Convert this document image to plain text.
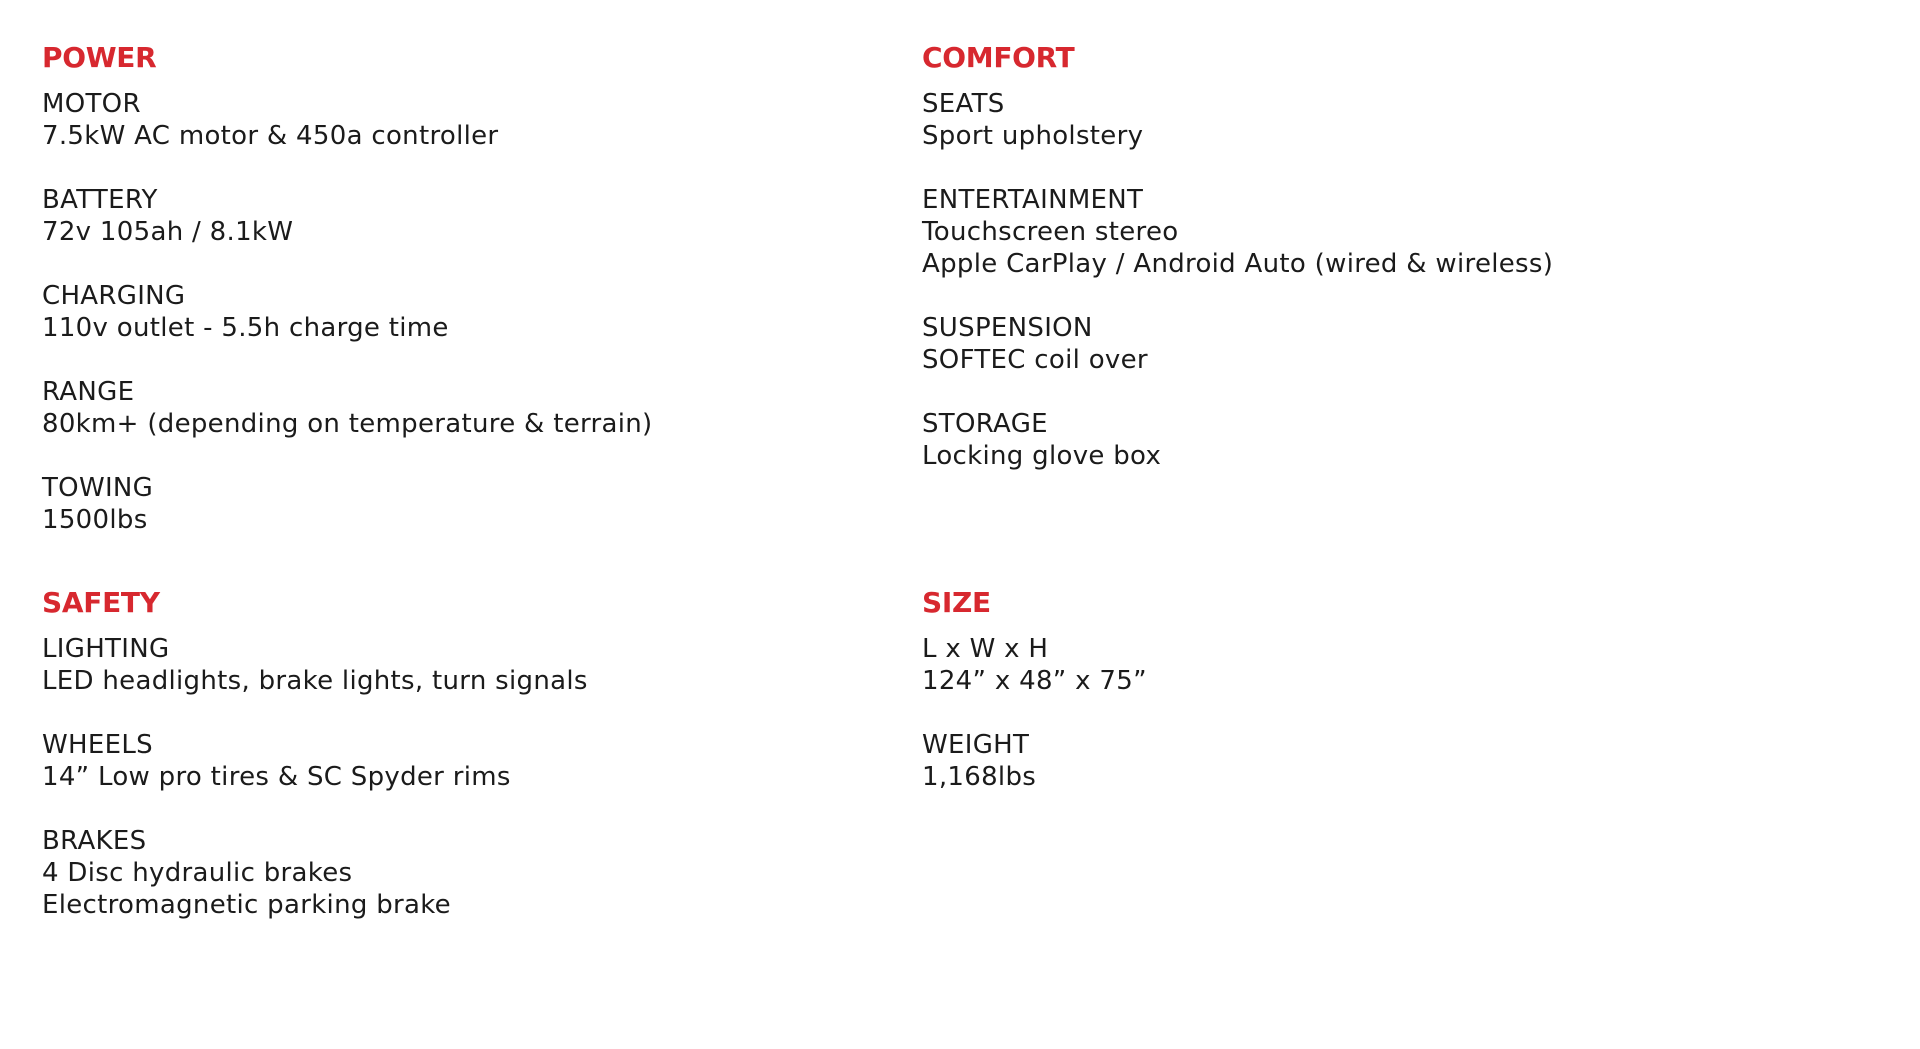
POWER
MOTOR
7.5kW AC motor & 450a controller
BATTERY
72v 105ah / 8.1kW
CHARGING
110v outlet - 5.5h charge time
RANGE
80km+ (depending on temperature & terrain)
TOWING
1500lbs
COMFORT
SEATS
Sport upholstery
ENTERTAINMENT
Touchscreen stereo
Apple CarPlay / Android Auto (wired & wireless)
SUSPENSION
SOFTEC coil over
STORAGE
Locking glove box
SAFETY
LIGHTING
LED headlights, brake lights, turn signals
WHEELS
14” Low pro tires & SC Spyder rims
BRAKES
4 Disc hydraulic brakes
Electromagnetic parking brake
SIZE
L x W x H
124” x 48” x 75”
WEIGHT
1,168lbs
